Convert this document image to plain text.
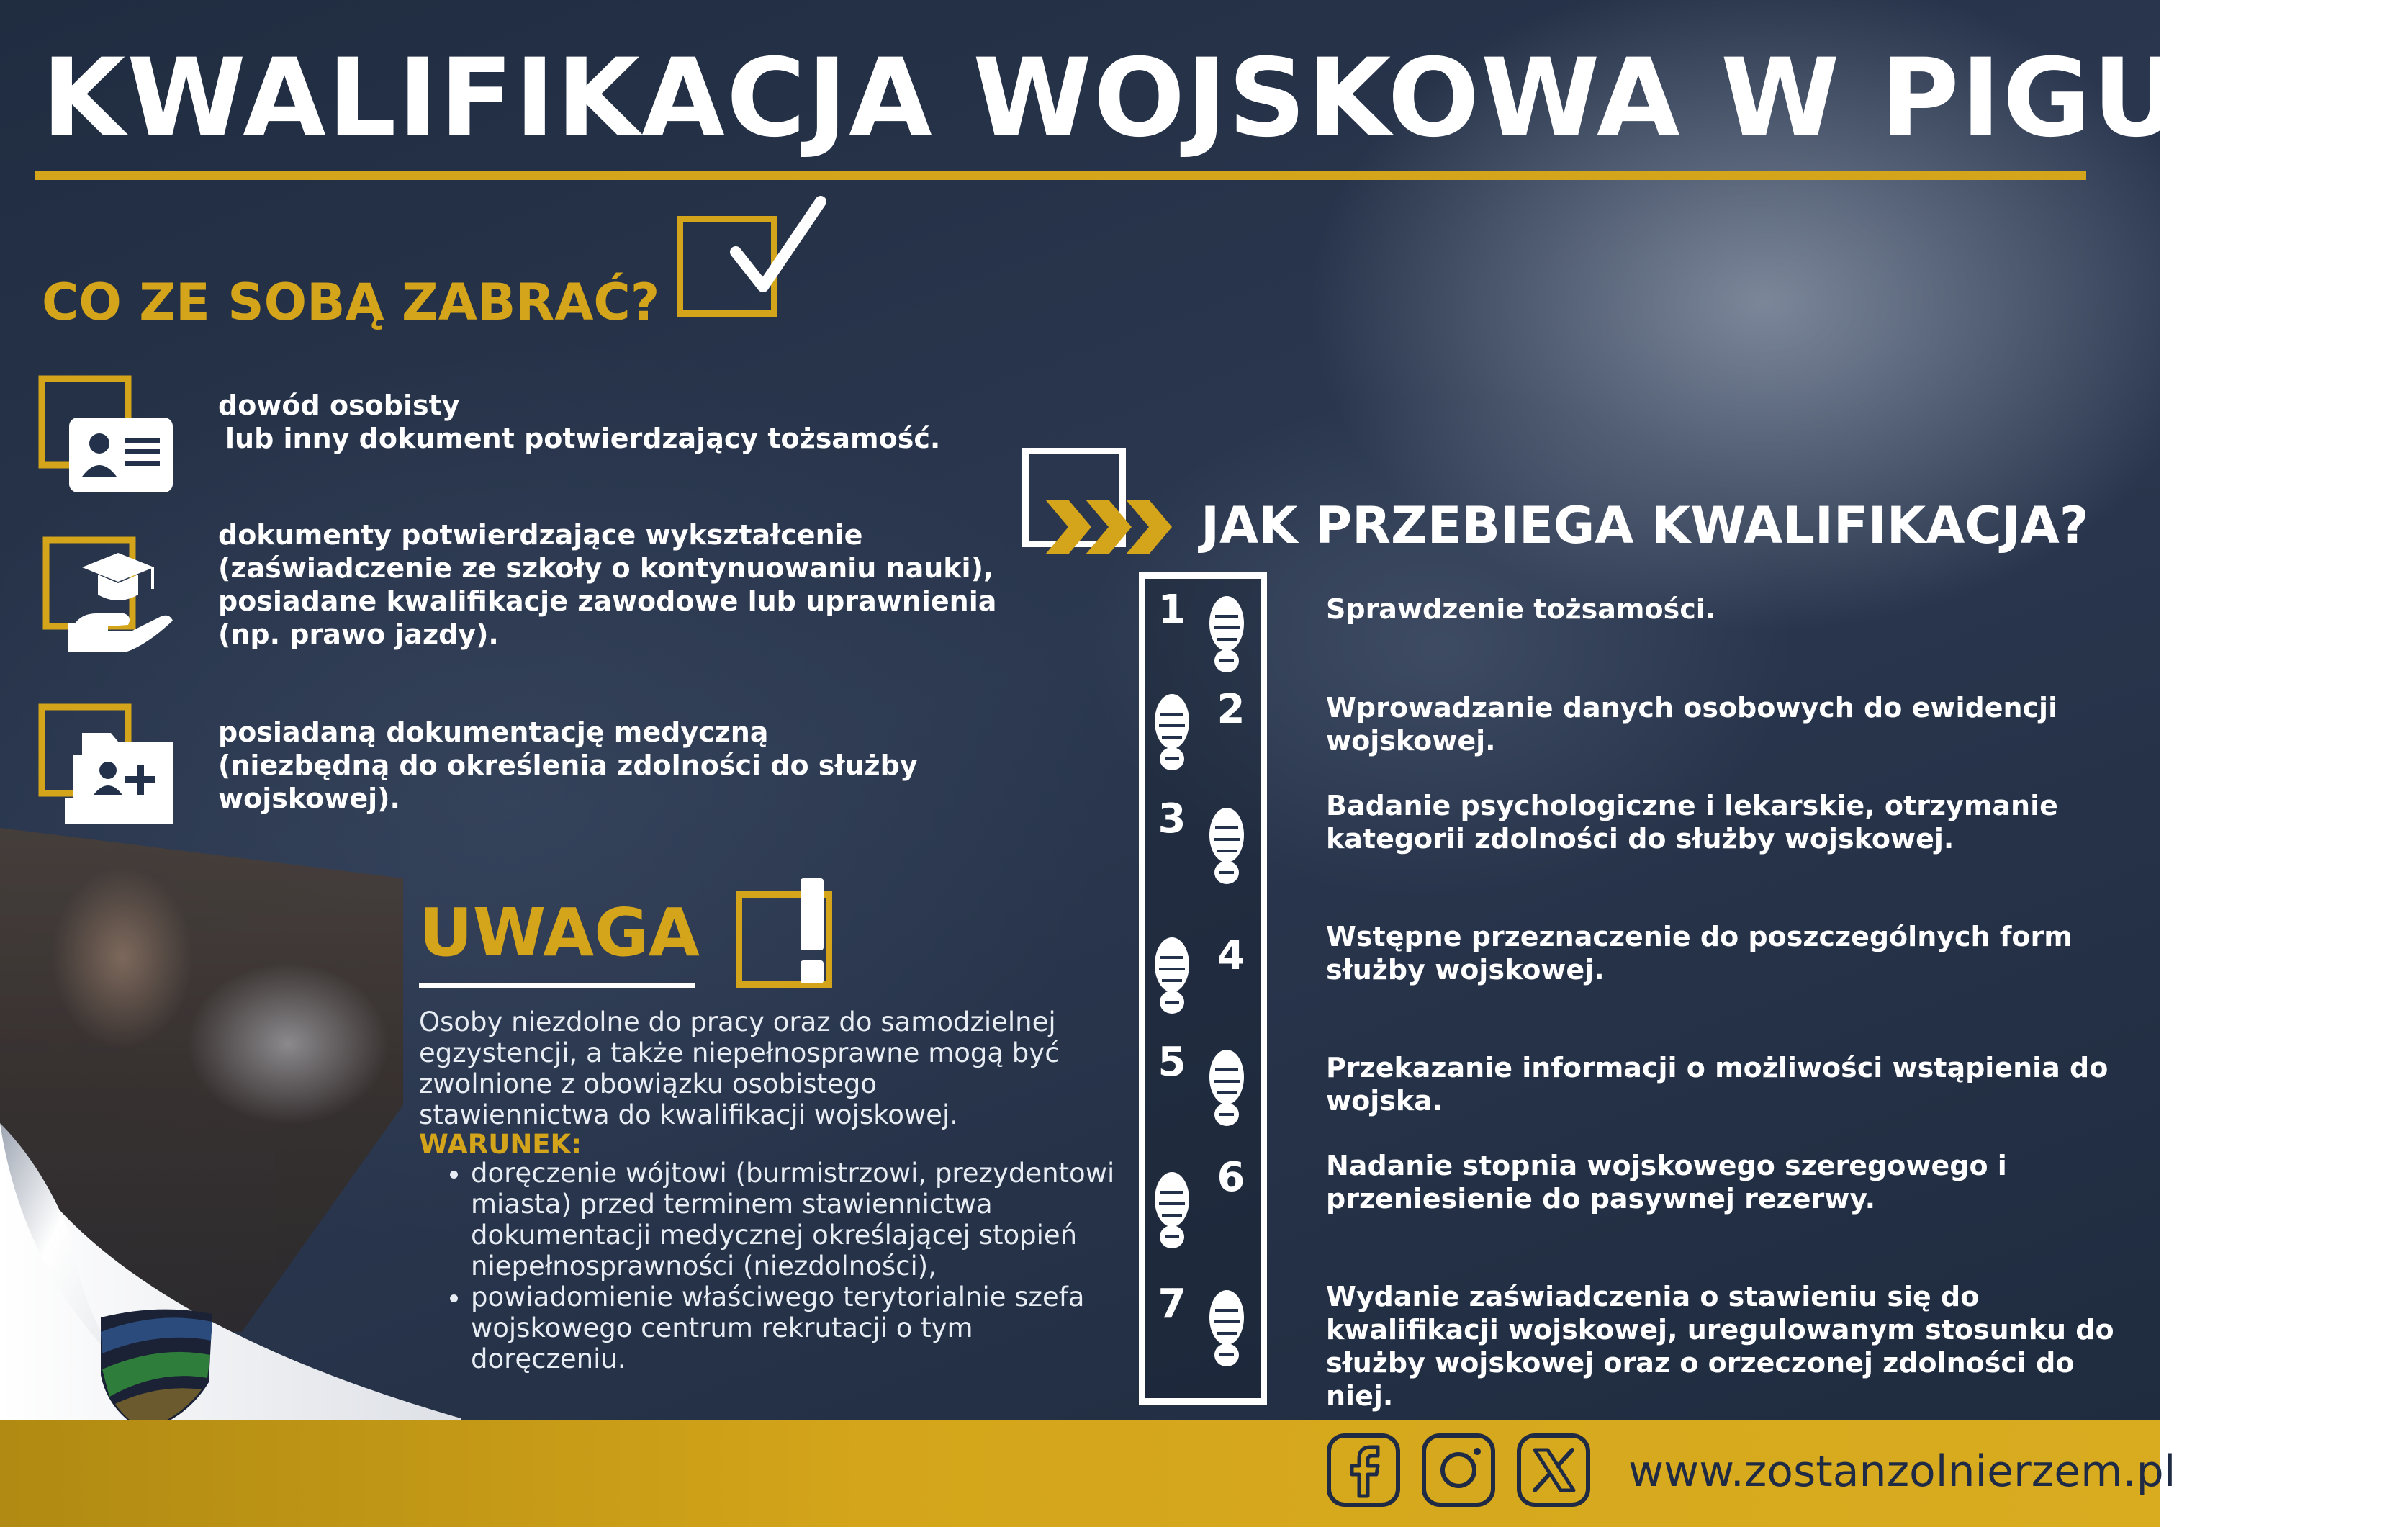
KWALIFIKACJA WOJSKOWA W PIGUŁCE
CO ZE SOBĄ ZABRAĆ?
dowód osobisty
lub inny dokument potwierdzający tożsamość.
dokumenty potwierdzające wykształcenie
(zaświadczenie ze szkoły o kontynuowaniu nauki),
posiadane kwalifikacje zawodowe lub uprawnienia
(np. prawo jazdy).
posiadaną dokumentację medyczną
(niezbędną do określenia zdolności do służby wojskowej).
UWAGA
Osoby niezdolne do pracy oraz do samodzielnej egzystencji, a także niepełnosprawne mogą być zwolnione z obowiązku osobistego stawiennictwa do kwalifikacji wojskowej.
WARUNEK:
• doręczenie wójtowi (burmistrzowi, prezydentowi miasta) przed terminem stawiennictwa dokumentacji medycznej określającej stopień niepełnosprawności (niezdolności),
• powiadomienie właściwego terytorialnie szefa wojskowego centrum rekrutacji o tym doręczeniu.
JAK PRZEBIEGA KWALIFIKACJA?
1
2
3
4
5
6
7
Sprawdzenie tożsamości.
Wprowadzanie danych osobowych do ewidencji wojskowej.
Badanie psychologiczne i lekarskie, otrzymanie kategorii zdolności do służby wojskowej.
Wstępne przeznaczenie do poszczególnych form służby wojskowej.
Przekazanie informacji o możliwości wstąpienia do wojska.
Nadanie stopnia wojskowego szeregowego i przeniesienie do pasywnej rezerwy.
Wydanie zaświadczenia o stawieniu się do kwalifikacji wojskowej, uregulowanym stosunku do służby wojskowej oraz o orzeczonej zdolności do niej.
www.zostanzolnierzem.pl
